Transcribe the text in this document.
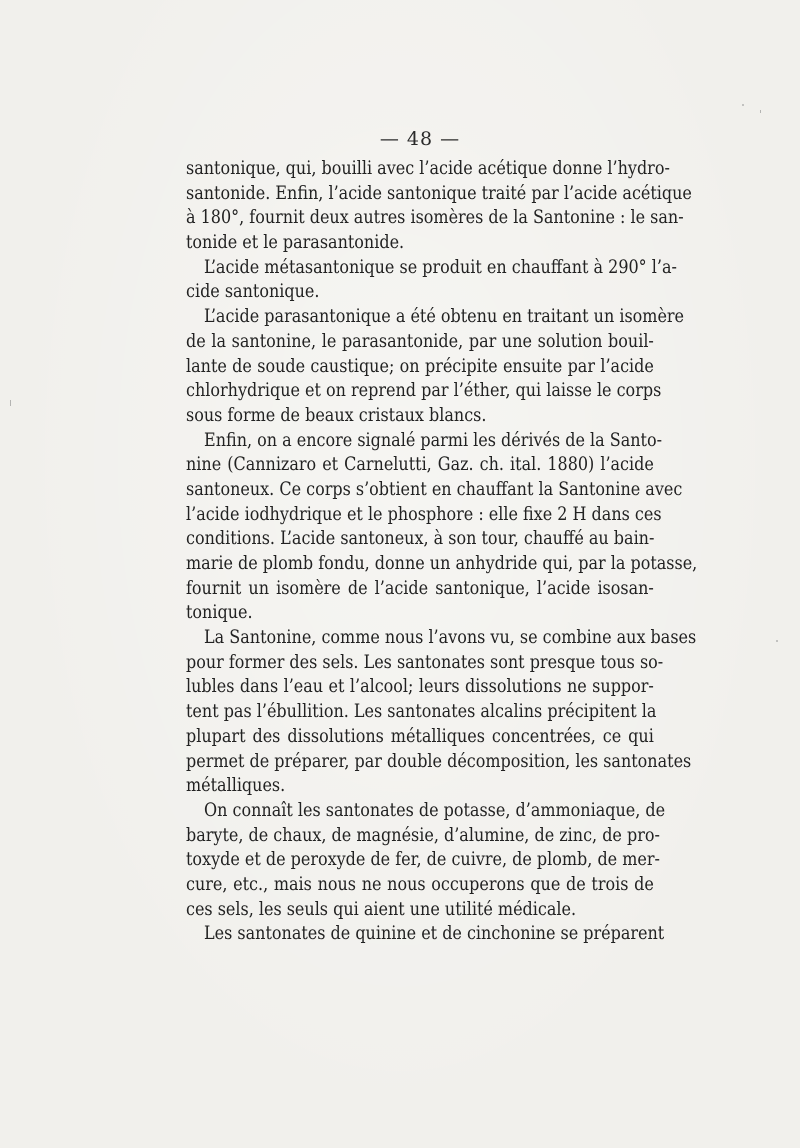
— 48 —
santonique, qui, bouilli avec l’acide acétique donne l’hydro-
santonide. Enfin, l’acide santonique traité par l’acide acétique
à 180°, fournit deux autres isomères de la Santonine : le san-
tonide et le parasantonide.
L’acide métasantonique se produit en chauffant à 290° l’a-
cide santonique.
L’acide parasantonique a été obtenu en traitant un isomère
de la santonine, le parasantonide, par une solution bouil-
lante de soude caustique; on précipite ensuite par l’acide
chlorhydrique et on reprend par l’éther, qui laisse le corps
sous forme de beaux cristaux blancs.
Enfin, on a encore signalé parmi les dérivés de la Santo-
nine (Cannizaro et Carnelutti, Gaz. ch. ital. 1880) l’acide
santoneux. Ce corps s’obtient en chauffant la Santonine avec
l’acide iodhydrique et le phosphore : elle fixe 2 H dans ces
conditions. L’acide santoneux, à son tour, chauffé au bain-
marie de plomb fondu, donne un anhydride qui, par la potasse,
fournit un isomère de l’acide santonique, l’acide isosan-
tonique.
La Santonine, comme nous l’avons vu, se combine aux bases
pour former des sels. Les santonates sont presque tous so-
lubles dans l’eau et l’alcool; leurs dissolutions ne suppor-
tent pas l’ébullition. Les santonates alcalins précipitent la
plupart des dissolutions métalliques concentrées, ce qui
permet de préparer, par double décomposition, les santonates
métalliques.
On connaît les santonates de potasse, d’ammoniaque, de
baryte, de chaux, de magnésie, d’alumine, de zinc, de pro-
toxyde et de peroxyde de fer, de cuivre, de plomb, de mer-
cure, etc., mais nous ne nous occuperons que de trois de
ces sels, les seuls qui aient une utilité médicale.
Les santonates de quinine et de cinchonine se préparent
